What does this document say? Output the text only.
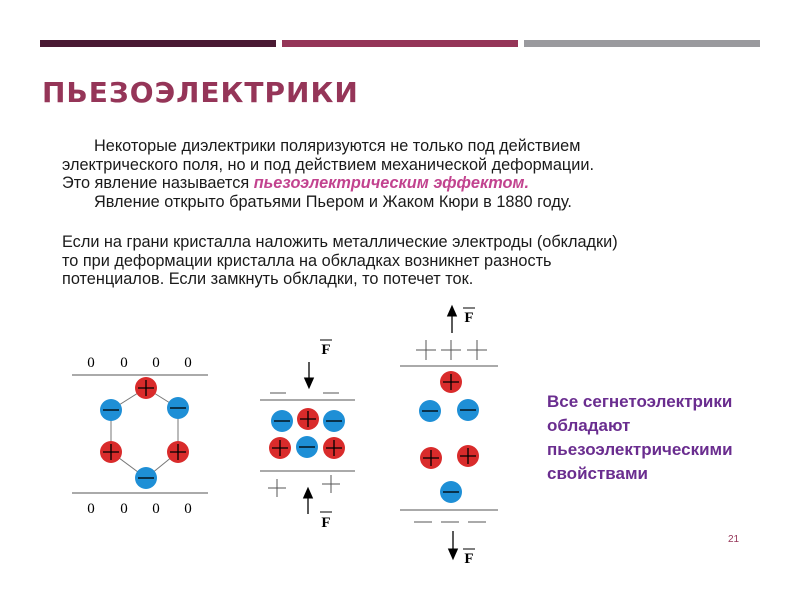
ПЬЕЗОЭЛЕКТРИКИ

Некоторые диэлектрики поляризуются не только под действием

электрического поля, но и под действием механической деформации.

Это явление называется пьезоэлектрическим эффектом.

Явление открыто братьями Пьером и Жаком Кюри в 1880 году.

Если на грани кристалла наложить металлические электроды (обкладки)

то при деформации кристалла на обкладках возникнет разность

потенциалов. Если замкнуть обкладки, то потечет ток.

0 0 0 0
0 0 0 0
F
F
F
F
Все сегнетоэлектрики
обладают
пьезоэлектрическими
свойствами
21
